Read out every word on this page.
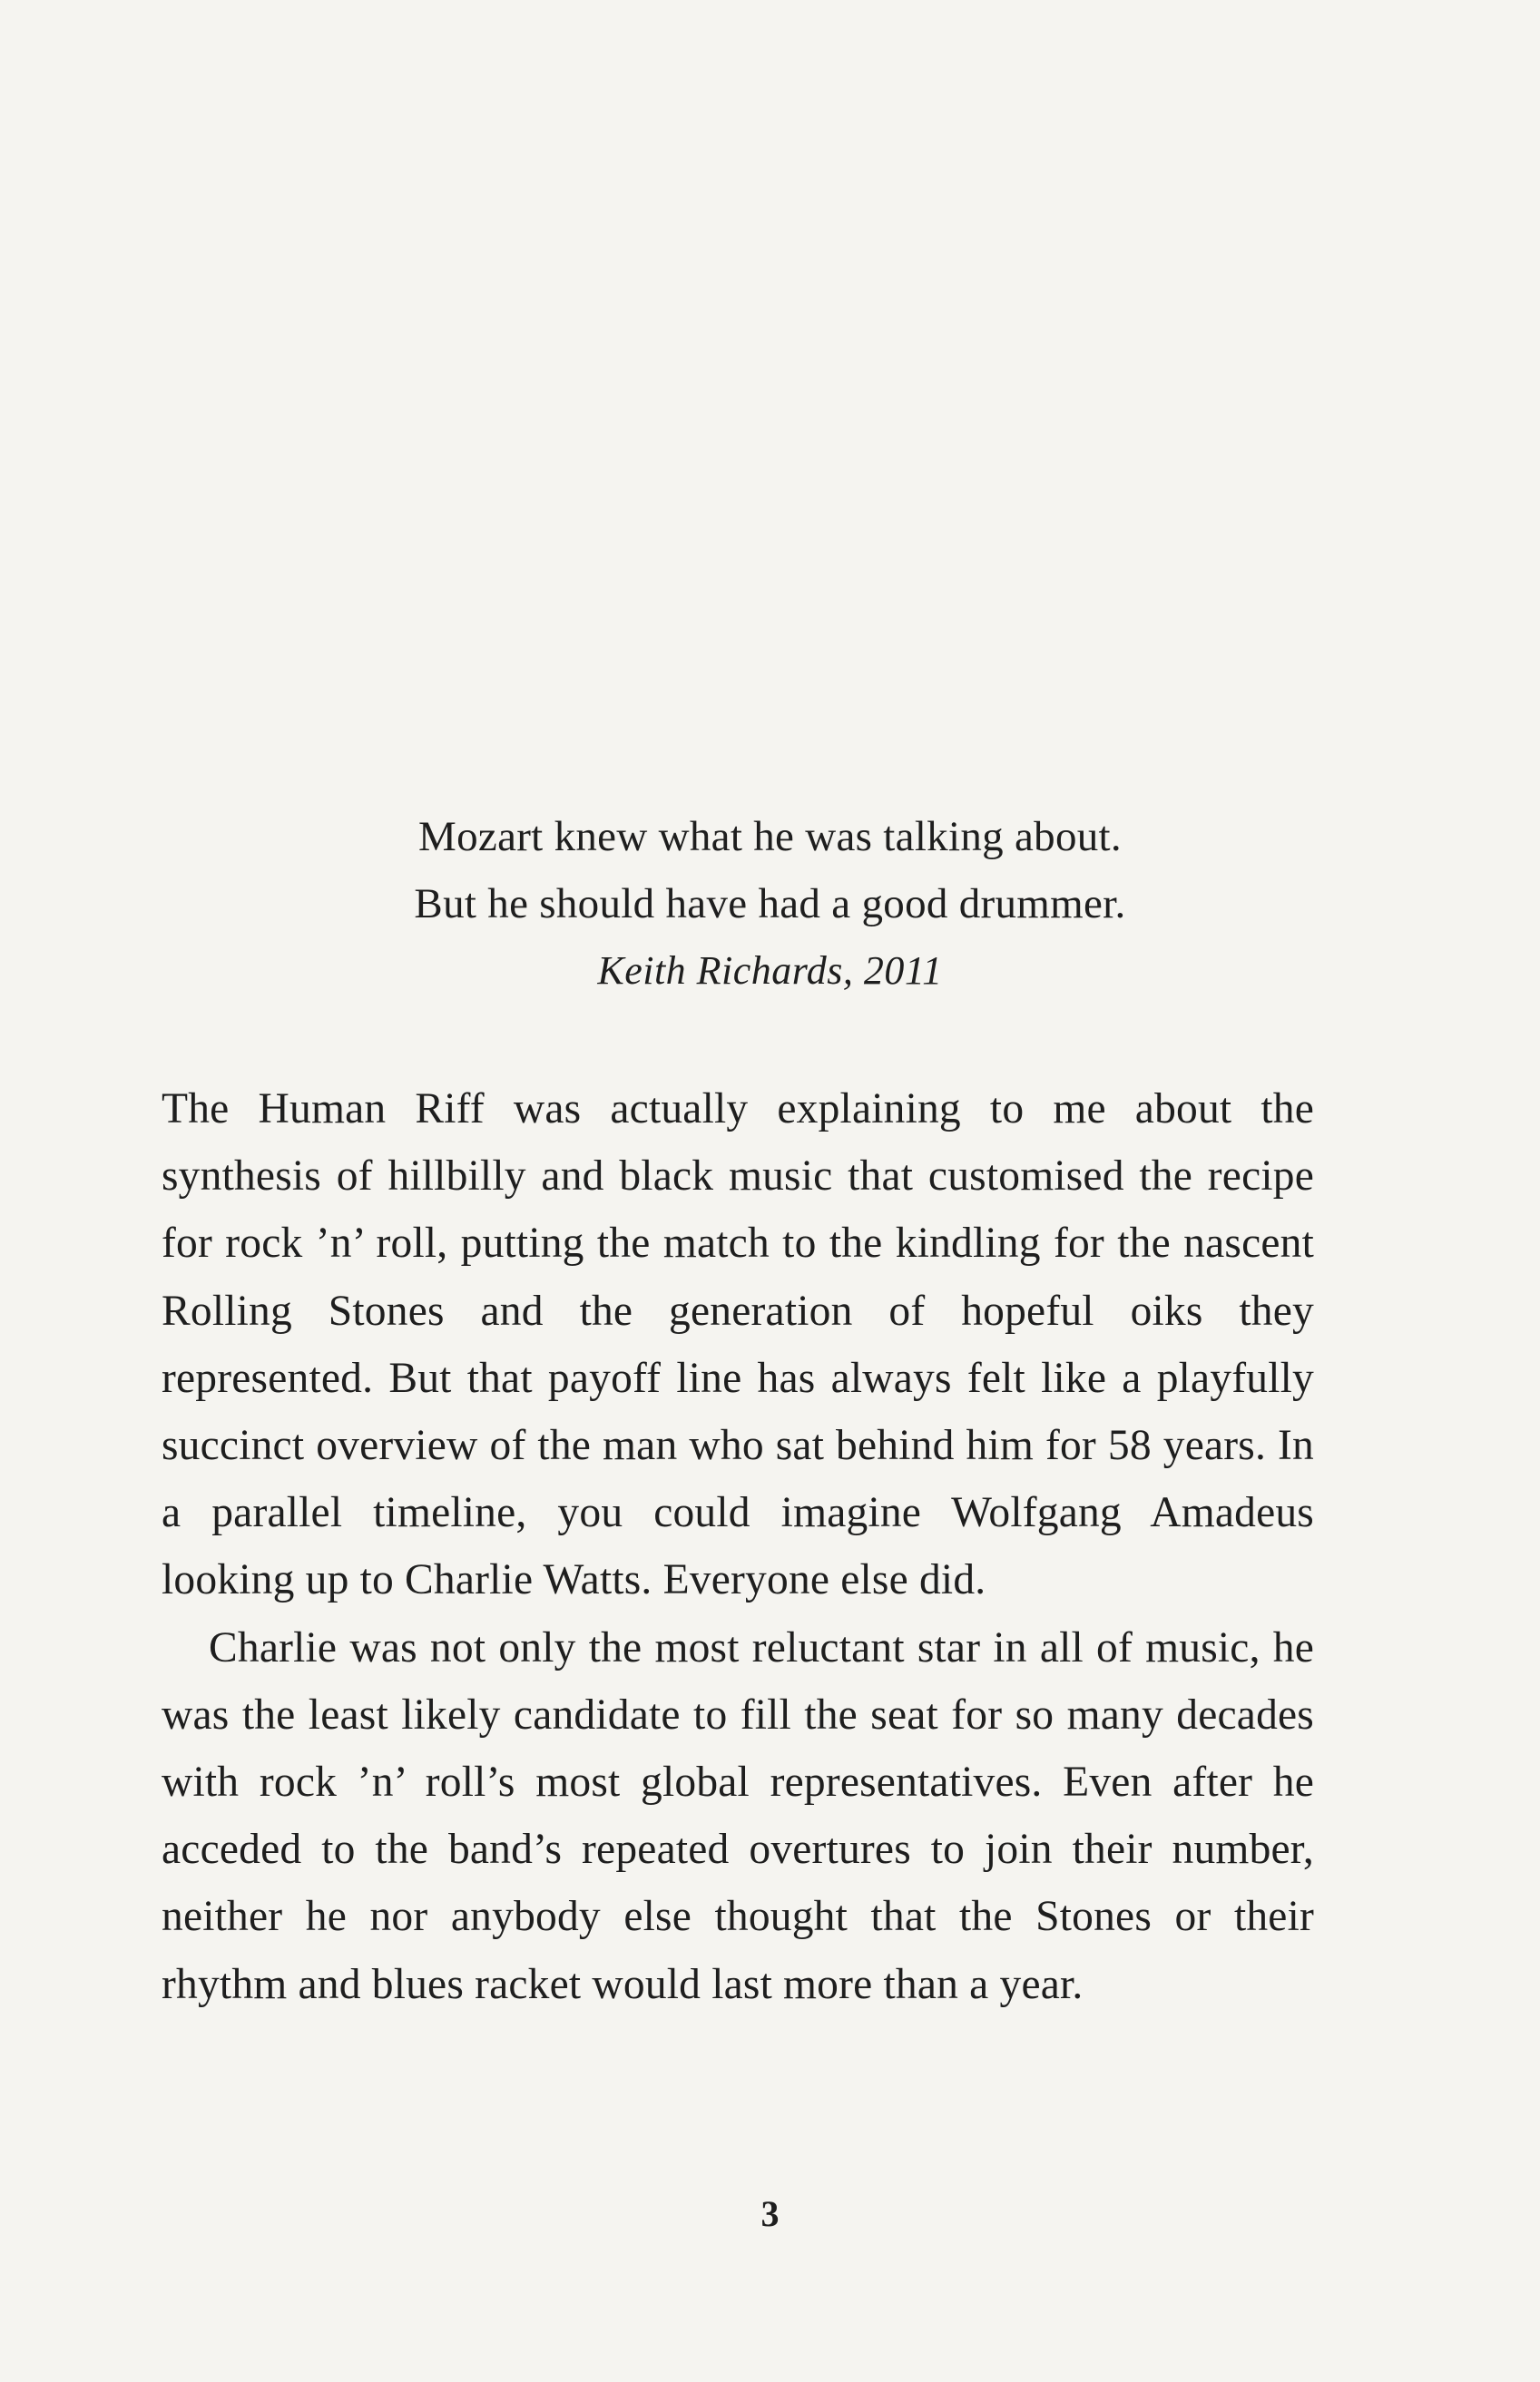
Mozart knew what he was talking about.
But he should have had a good drummer.
Keith Richards, 2011

The Human Riff was actually explaining to me about the synthesis of hillbilly and black music that customised the recipe for rock ’n’ roll, putting the match to the kindling for the nascent Rolling Stones and the generation of hopeful oiks they represented. But that payoff line has always felt like a playfully succinct overview of the man who sat behind him for 58 years. In a parallel timeline, you could imagine Wolfgang Amadeus looking up to Charlie Watts. Everyone else did.

Charlie was not only the most reluctant star in all of music, he was the least likely candidate to fill the seat for so many decades with rock ’n’ roll’s most global representatives. Even after he acceded to the band’s repeated overtures to join their number, neither he nor anybody else thought that the Stones or their rhythm and blues racket would last more than a year.

3
